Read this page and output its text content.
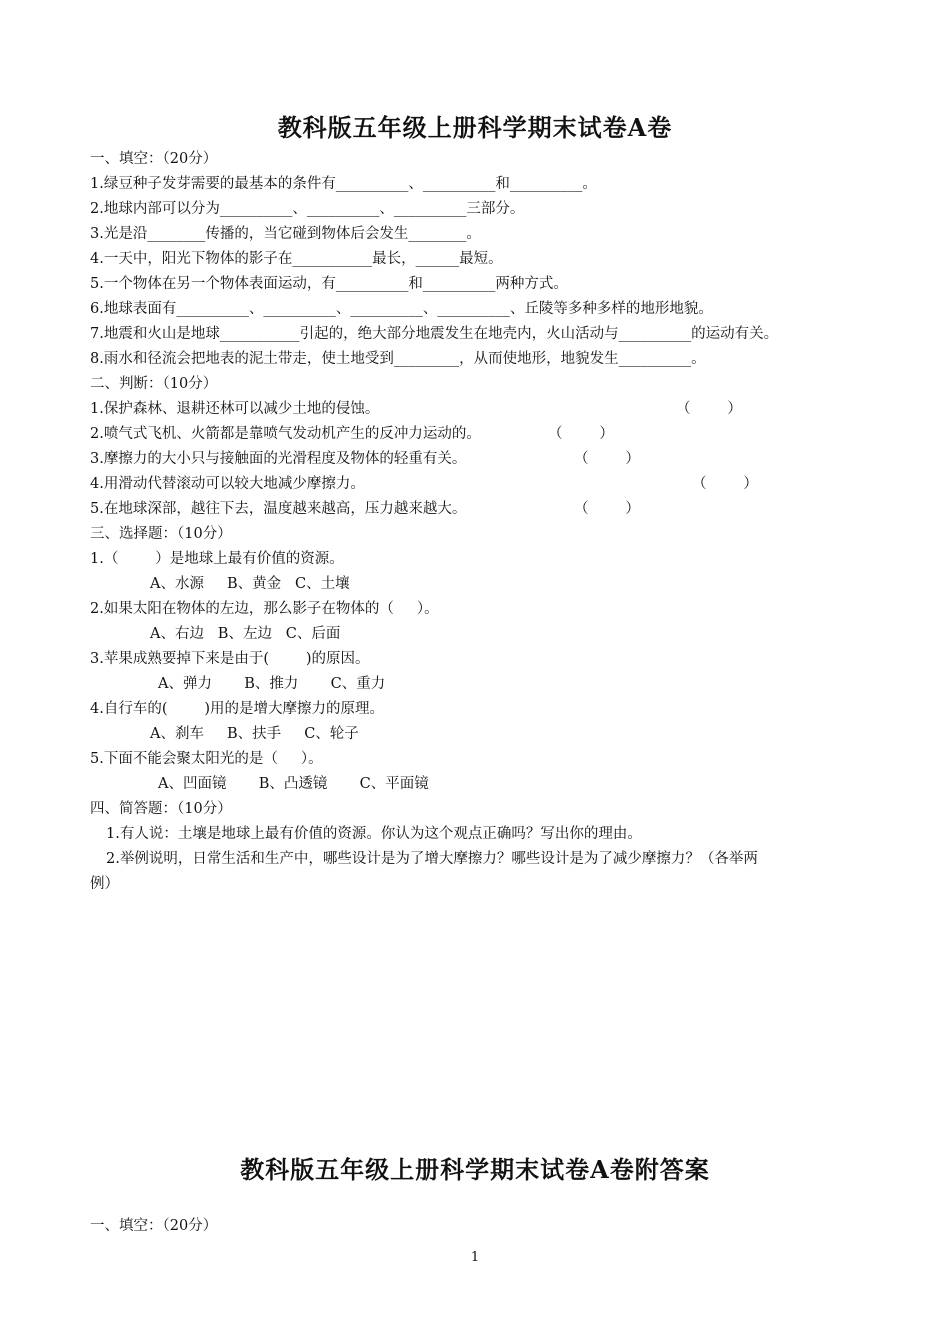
教科版五年级上册科学期末试卷A卷
一、填空：（20分）
1.绿豆种子发芽需要的最基本的条件有__________、__________和__________。
2.地球内部可以分为__________、__________、__________三部分。
3.光是沿________传播的，当它碰到物体后会发生________。
4.一天中，阳光下物体的影子在___________最长，______最短。
5.一个物体在另一个物体表面运动，有__________和__________两种方式。
6.地球表面有__________、__________、__________、__________、丘陵等多种多样的地形地貌。
7.地震和火山是地球___________引起的，绝大部分地震发生在地壳内，火山活动与__________的运动有关。
8.雨水和径流会把地表的泥土带走，使土地受到_________，从而使地形，地貌发生__________。
二、判断：（10分）
1.保护森林、退耕还林可以减少土地的侵蚀。	（        ）
2.喷气式飞机、火箭都是靠喷气发动机产生的反冲力运动的。	（        ）
3.摩擦力的大小只与接触面的光滑程度及物体的轻重有关。	（        ）
4.用滑动代替滚动可以较大地减少摩擦力。	（        ）
5.在地球深部，越往下去，温度越来越高，压力越来越大。	（        ）
三、选择题：（10分）
1.（        ）是地球上最有价值的资源。
A、水源     B、黄金   C、土壤
2.如果太阳在物体的左边，那么影子在物体的（     ）。
A、右边   B、左边   C、后面
3.苹果成熟要掉下来是由于(        )的原因。
A、弹力       B、推力       C、重力
4.自行车的(        )用的是增大摩擦力的原理。
A、刹车     B、扶手     C、轮子
5.下面不能会聚太阳光的是（     ）。
A、凹面镜       B、凸透镜       C、平面镜
四、简答题：（10分）
1.有人说：土壤是地球上最有价值的资源。你认为这个观点正确吗？写出你的理由。
2.举例说明，日常生活和生产中，哪些设计是为了增大摩擦力？哪些设计是为了减少摩擦力？（各举两
例）
教科版五年级上册科学期末试卷A卷附答案
一、填空：（20分）
1
